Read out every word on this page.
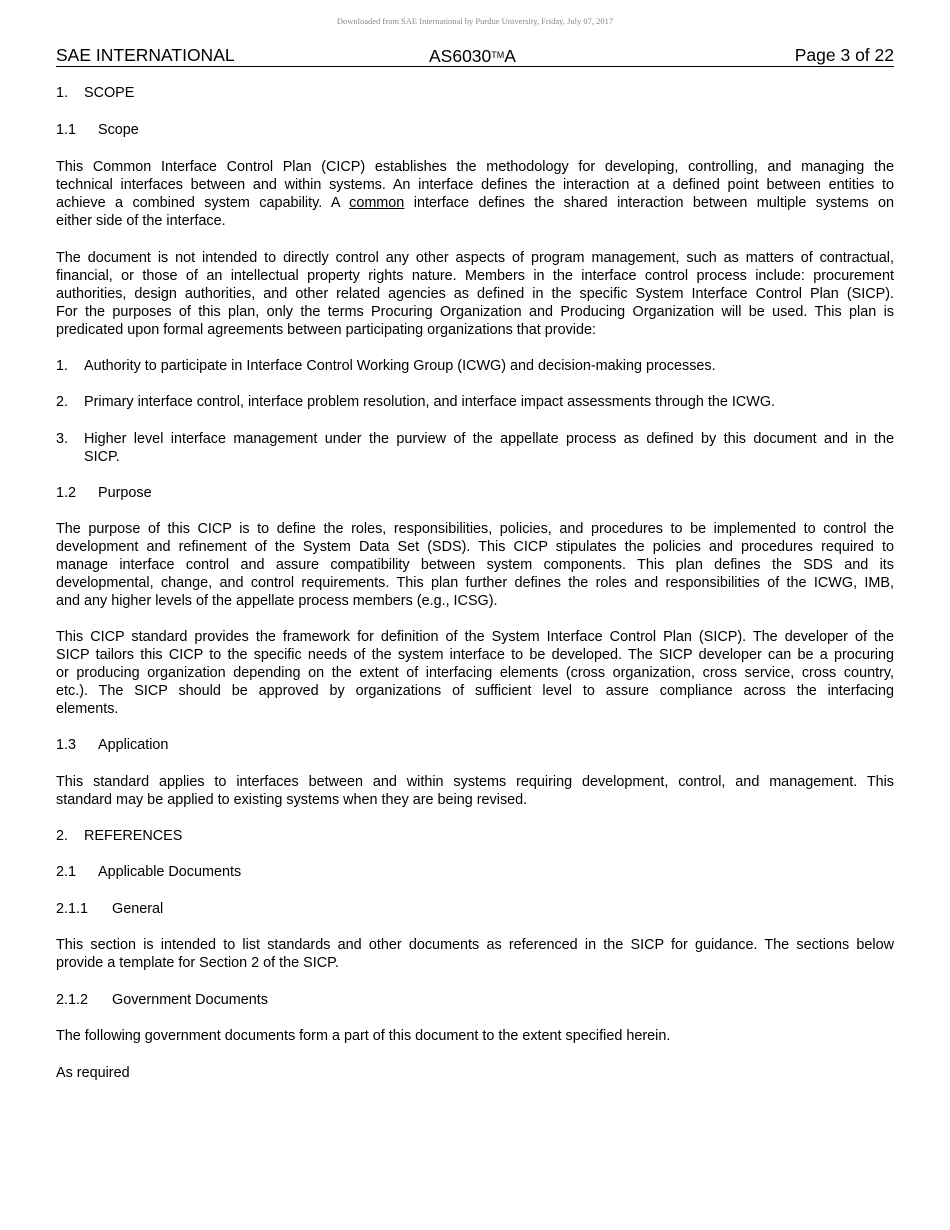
Downloaded from SAE International by Purdue University, Friday, July 07, 2017
SAE INTERNATIONAL	AS6030™A	Page 3 of 22
1. SCOPE
1.1 Scope
This Common Interface Control Plan (CICP) establishes the methodology for developing, controlling, and managing the
technical interfaces between and within systems. An interface defines the interaction at a defined point between entities to
achieve a combined system capability. A common interface defines the shared interaction between multiple systems on
either side of the interface.
The document is not intended to directly control any other aspects of program management, such as matters of contractual,
financial, or those of an intellectual property rights nature. Members in the interface control process include: procurement
authorities, design authorities, and other related agencies as defined in the specific System Interface Control Plan (SICP).
For the purposes of this plan, only the terms Procuring Organization and Producing Organization will be used. This plan is
predicated upon formal agreements between participating organizations that provide:
1. Authority to participate in Interface Control Working Group (ICWG) and decision-making processes.
2. Primary interface control, interface problem resolution, and interface impact assessments through the ICWG.
3. Higher level interface management under the purview of the appellate process as defined by this document and in the
SICP.
1.2 Purpose
The purpose of this CICP is to define the roles, responsibilities, policies, and procedures to be implemented to control the
development and refinement of the System Data Set (SDS). This CICP stipulates the policies and procedures required to
manage interface control and assure compatibility between system components. This plan defines the SDS and its
developmental, change, and control requirements. This plan further defines the roles and responsibilities of the ICWG, IMB,
and any higher levels of the appellate process members (e.g., ICSG).
This CICP standard provides the framework for definition of the System Interface Control Plan (SICP). The developer of the
SICP tailors this CICP to the specific needs of the system interface to be developed. The SICP developer can be a procuring
or producing organization depending on the extent of interfacing elements (cross organization, cross service, cross country,
etc.). The SICP should be approved by organizations of sufficient level to assure compliance across the interfacing
elements.
1.3 Application
This standard applies to interfaces between and within systems requiring development, control, and management. This
standard may be applied to existing systems when they are being revised.
2. REFERENCES
2.1 Applicable Documents
2.1.1 General
This section is intended to list standards and other documents as referenced in the SICP for guidance. The sections below
provide a template for Section 2 of the SICP.
2.1.2 Government Documents
The following government documents form a part of this document to the extent specified herein.
As required
